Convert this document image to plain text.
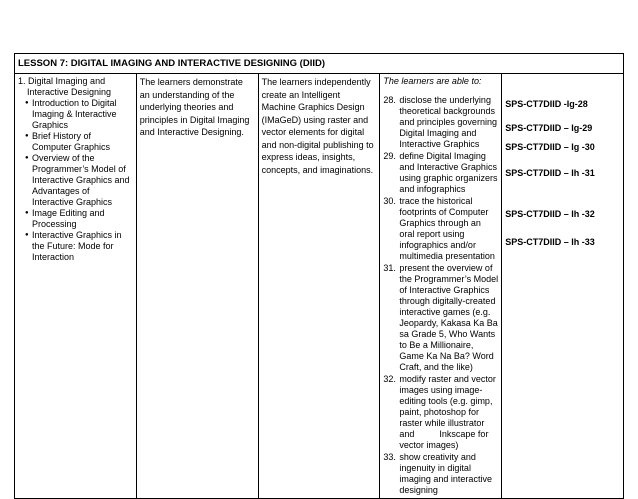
LESSON 7: DIGITAL IMAGING AND INTERACTIVE DESIGNING (DIID)

1. Digital Imaging and Interactive Designing
● Introduction to Digital Imaging & Interactive Graphics
● Brief History of Computer Graphics
● Overview of the Programmer’s Model of Interactive Graphics and Advantages of Interactive Graphics
● Image Editing and Processing
● Interactive Graphics in the Future: Mode for Interaction

The learners demonstrate an understanding of the underlying theories and principles in Digital Imaging and Interactive Designing.

The learners independently create an Intelligent Machine Graphics Design (IMaGeD) using raster and vector elements for digital and non-digital publishing to express ideas, insights, concepts, and imaginations.

The learners are able to:
28. disclose the underlying theoretical backgrounds and principles governing Digital Imaging and Interactive Graphics
29. define Digital Imaging and Interactive Graphics using graphic organizers and infographics
30. trace the historical footprints of Computer Graphics through an oral report using infographics and/or multimedia presentation
31. present the overview of the Programmer’s Model of Interactive Graphics through digitally-created interactive games (e.g. Jeopardy, Kakasa Ka Ba sa Grade 5, Who Wants to Be a Millionaire, Game Ka Na Ba? Word Craft, and the like)
32. modify raster and vector images using image-editing tools (e.g. gimp, paint, photoshop for raster while illustrator and          Inkscape for vector images)
33. show creativity and ingenuity in digital imaging and interactive designing

SPS-CT7DIID -Ig-28
SPS-CT7DIID – Ig-29
SPS-CT7DIID – Ig -30
SPS-CT7DIID – Ih -31
SPS-CT7DIID – Ih -32
SPS-CT7DIID – Ih -33
